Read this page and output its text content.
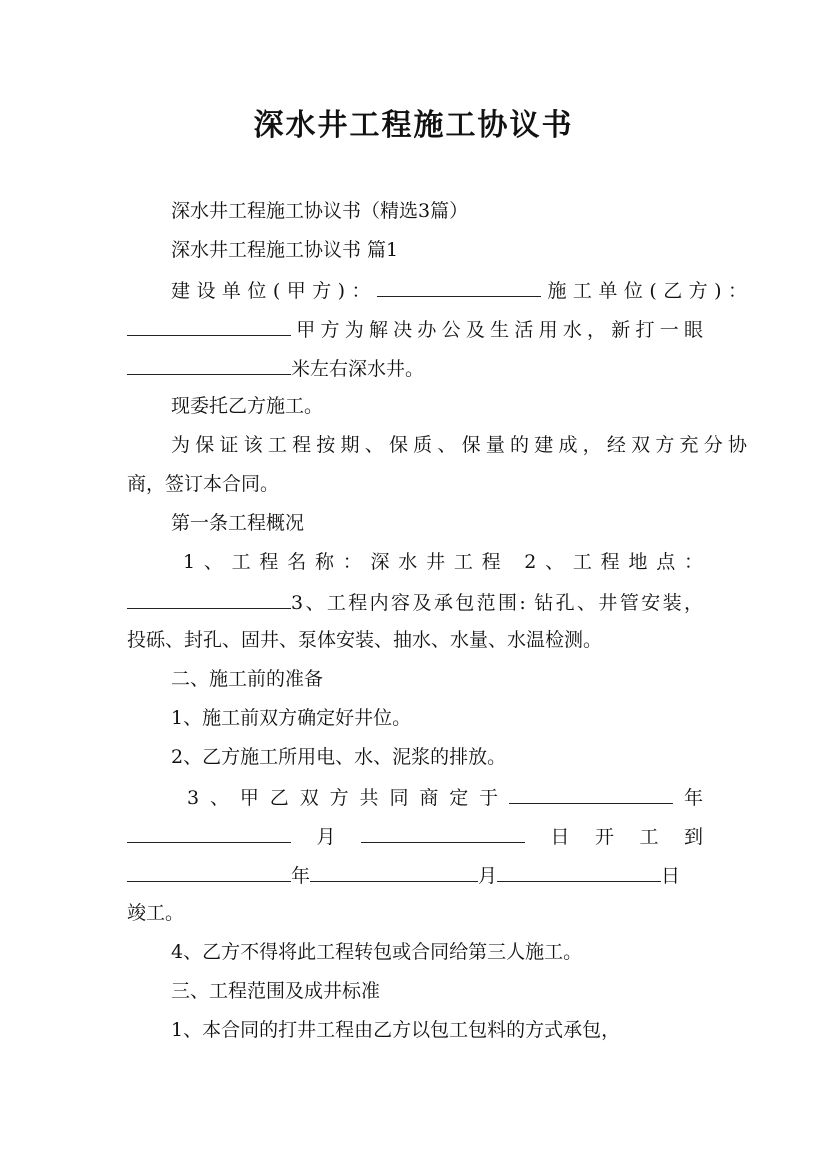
深水井工程施工协议书
深水井工程施工协议书（精选3篇）
深水井工程施工协议书 篇1
建设单位(甲方)：	施工单位(乙方)：
甲方为解决办公及生活用水，新打一眼
米左右深水井。
现委托乙方施工。
为保证该工程按期、保质、保量的建成，经双方充分协
商，签订本合同。
第一条工程概况
1、工程名称：深水井工程 2、工程地点：
3、工程内容及承包范围: 钻孔、井管安装，
投砾、封孔、固井、泵体安装、抽水、水量、水温检测。
二、施工前的准备
1、施工前双方确定好井位。
2、乙方施工所用电、水、泥浆的排放。
3、甲乙双方共同商定于	年
月	日开工到
年	月	日
竣工。
4、乙方不得将此工程转包或合同给第三人施工。
三、工程范围及成井标准
1、本合同的打井工程由乙方以包工包料的方式承包，
